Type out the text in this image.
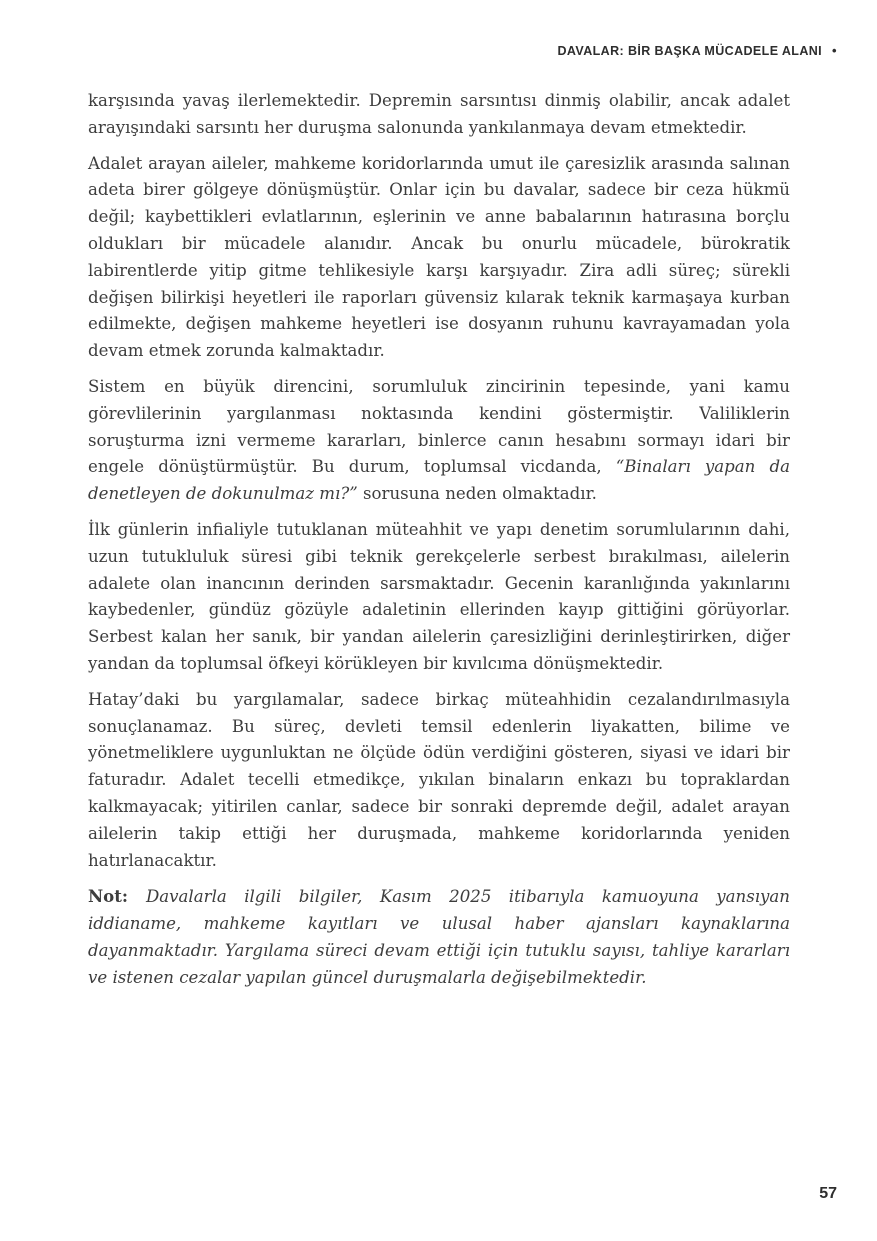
DAVALAR: BİR BAŞKA MÜCADELE ALANI •

karşısında yavaş ilerlemektedir. Depremin sarsıntısı dinmiş olabilir, ancak adalet arayışındaki sarsıntı her duruşma salonunda yankılanmaya devam etmektedir.

Adalet arayan aileler, mahkeme koridorlarında umut ile çaresizlik arasında salınan adeta birer gölgeye dönüşmüştür. Onlar için bu davalar, sadece bir ceza hükmü değil; kaybettikleri evlatlarının, eşlerinin ve anne babalarının hatırasına borçlu oldukları bir mücadele alanıdır. Ancak bu onurlu mücadele, bürokratik labirentlerde yitip gitme tehlikesiyle karşı karşıyadır. Zira adli süreç; sürekli değişen bilirkişi heyetleri ile raporları güvensiz kılarak teknik karmaşaya kurban edilmekte, değişen mahkeme heyetleri ise dosyanın ruhunu kavrayamadan yola devam etmek zorunda kalmaktadır.

Sistem en büyük direncini, sorumluluk zincirinin tepesinde, yani kamu görevlilerinin yargılanması noktasında kendini göstermiştir. Valiliklerin soruşturma izni vermeme kararları, binlerce canın hesabını sormayı idari bir engele dönüştürmüştür. Bu durum, toplumsal vicdanda, “Binaları yapan da denetleyen de dokunulmaz mı?” sorusuna neden olmaktadır.

İlk günlerin infialiyle tutuklanan müteahhit ve yapı denetim sorumlularının dahi, uzun tutukluluk süresi gibi teknik gerekçelerle serbest bırakılması, ailelerin adalete olan inancının derinden sarsmaktadır. Gecenin karanlığında yakınlarını kaybedenler, gündüz gözüyle adaletinin ellerinden kayıp gittiğini görüyorlar. Serbest kalan her sanık, bir yandan ailelerin çaresizliğini derinleştirirken, diğer yandan da toplumsal öfkeyi körükleyen bir kıvılcıma dönüşmektedir.

Hatay’daki bu yargılamalar, sadece birkaç müteahhidin cezalandırılmasıyla sonuçlanamaz. Bu süreç, devleti temsil edenlerin liyakatten, bilime ve yönetmeliklere uygunluktan ne ölçüde ödün verdiğini gösteren, siyasi ve idari bir faturadır. Adalet tecelli etmedikçe, yıkılan binaların enkazı bu topraklardan kalkmayacak; yitirilen canlar, sadece bir sonraki depremde değil, adalet arayan ailelerin takip ettiği her duruşmada, mahkeme koridorlarında yeniden hatırlanacaktır.

Not: Davalarla ilgili bilgiler, Kasım 2025 itibarıyla kamuoyuna yansıyan iddianame, mahkeme kayıtları ve ulusal haber ajansları kaynaklarına dayanmaktadır. Yargılama süreci devam ettiği için tutuklu sayısı, tahliye kararları ve istenen cezalar yapılan güncel duruşmalarla değişebilmektedir.

57
